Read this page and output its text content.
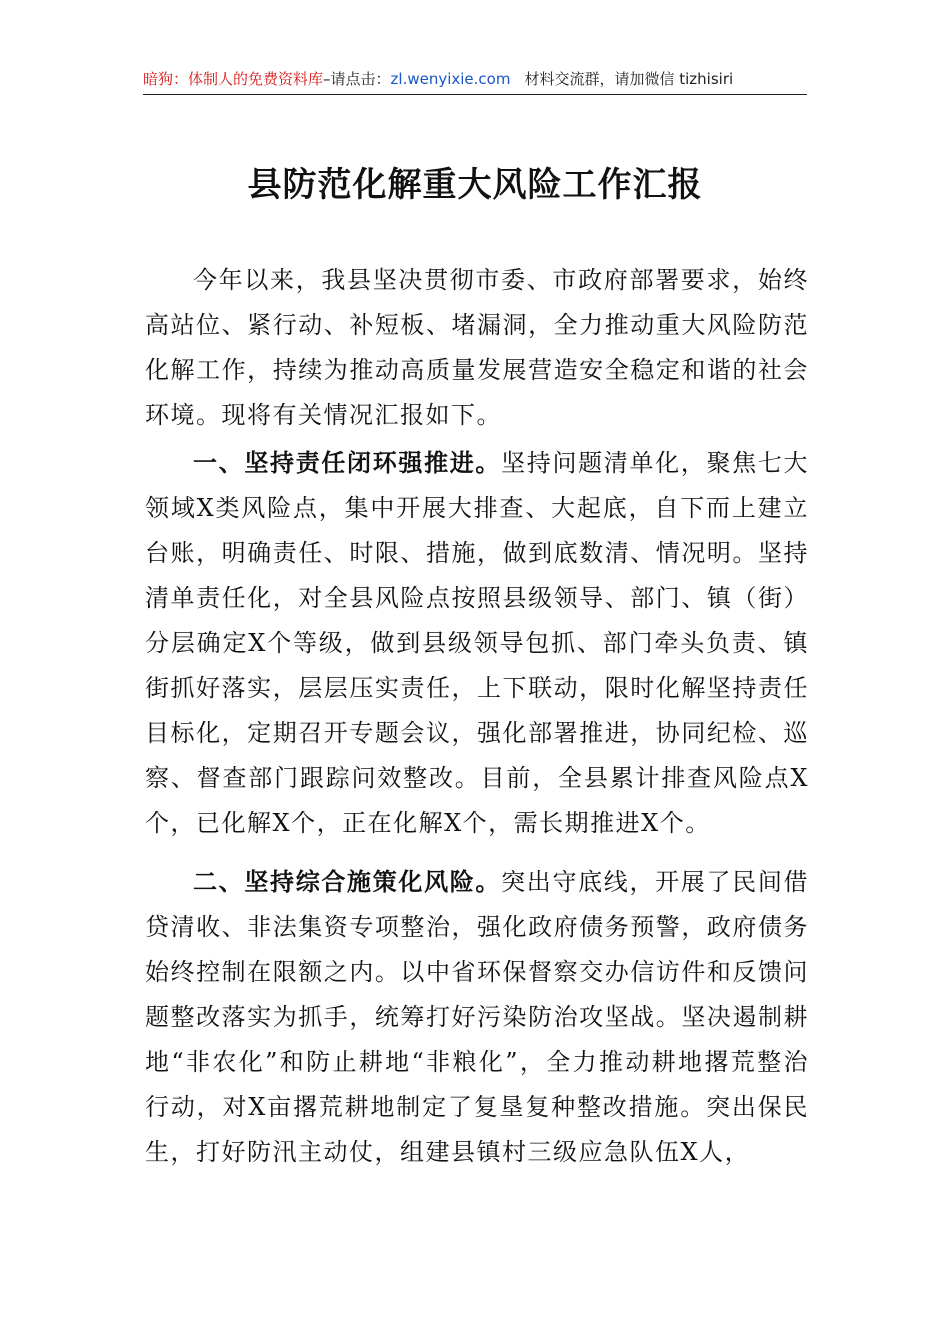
暗狗：体制人的免费资料库–请点击：zl.wenyixie.com 材料交流群，请加微信 tizhisiri
县防范化解重大风险工作汇报

今年以来，我县坚决贯彻市委、市政府部署要求，始终高站位、紧行动、补短板、堵漏洞，全力推动重大风险防范化解工作，持续为推动高质量发展营造安全稳定和谐的社会环境。现将有关情况汇报如下。

一、坚持责任闭环强推进。坚持问题清单化，聚焦七大领域X类风险点，集中开展大排查、大起底，自下而上建立台账，明确责任、时限、措施，做到底数清、情况明。坚持清单责任化，对全县风险点按照县级领导、部门、镇（街）分层确定X个等级，做到县级领导包抓、部门牵头负责、镇街抓好落实，层层压实责任，上下联动，限时化解坚持责任目标化，定期召开专题会议，强化部署推进，协同纪检、巡察、督查部门跟踪问效整改。目前，全县累计排查风险点X个，已化解X个，正在化解X个，需长期推进X个。

二、坚持综合施策化风险。突出守底线，开展了民间借贷清收、非法集资专项整治，强化政府债务预警，政府债务始终控制在限额之内。以中省环保督察交办信访件和反馈问题整改落实为抓手，统筹打好污染防治攻坚战。坚决遏制耕地“非农化”和防止耕地“非粮化”，全力推动耕地撂荒整治行动，对X亩撂荒耕地制定了复垦复种整改措施。突出保民生，打好防汛主动仗，组建县镇村三级应急队伍X人，
